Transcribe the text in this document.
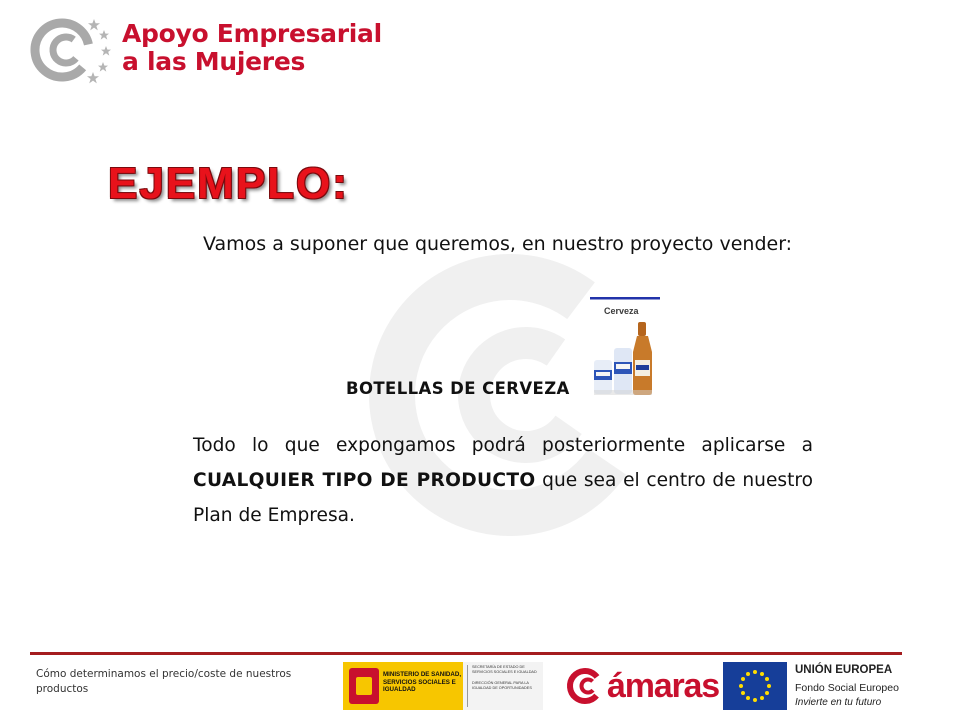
Apoyo Empresarial
a las Mujeres
EJEMPLO:
Vamos a suponer que queremos, en nuestro proyecto vender:
BOTELLAS DE CERVEZA
Cerveza
Todo lo que expongamos podrá posteriormente aplicarse a CUALQUIER TIPO DE PRODUCTO que sea el centro de nuestro Plan de Empresa.
Cómo determinamos el precio/coste de nuestros productos
MINISTERIO DE SANIDAD, SERVICIOS SOCIALES E IGUALDAD
SECRETARÍA DE ESTADO DE SERVICIOS SOCIALES E IGUALDAD
DIRECCIÓN GENERAL PARA LA IGUALDAD DE OPORTUNIDADES	ámaras	UNIÓN EUROPEA
Fondo Social Europeo
Invierte en tu futuro
